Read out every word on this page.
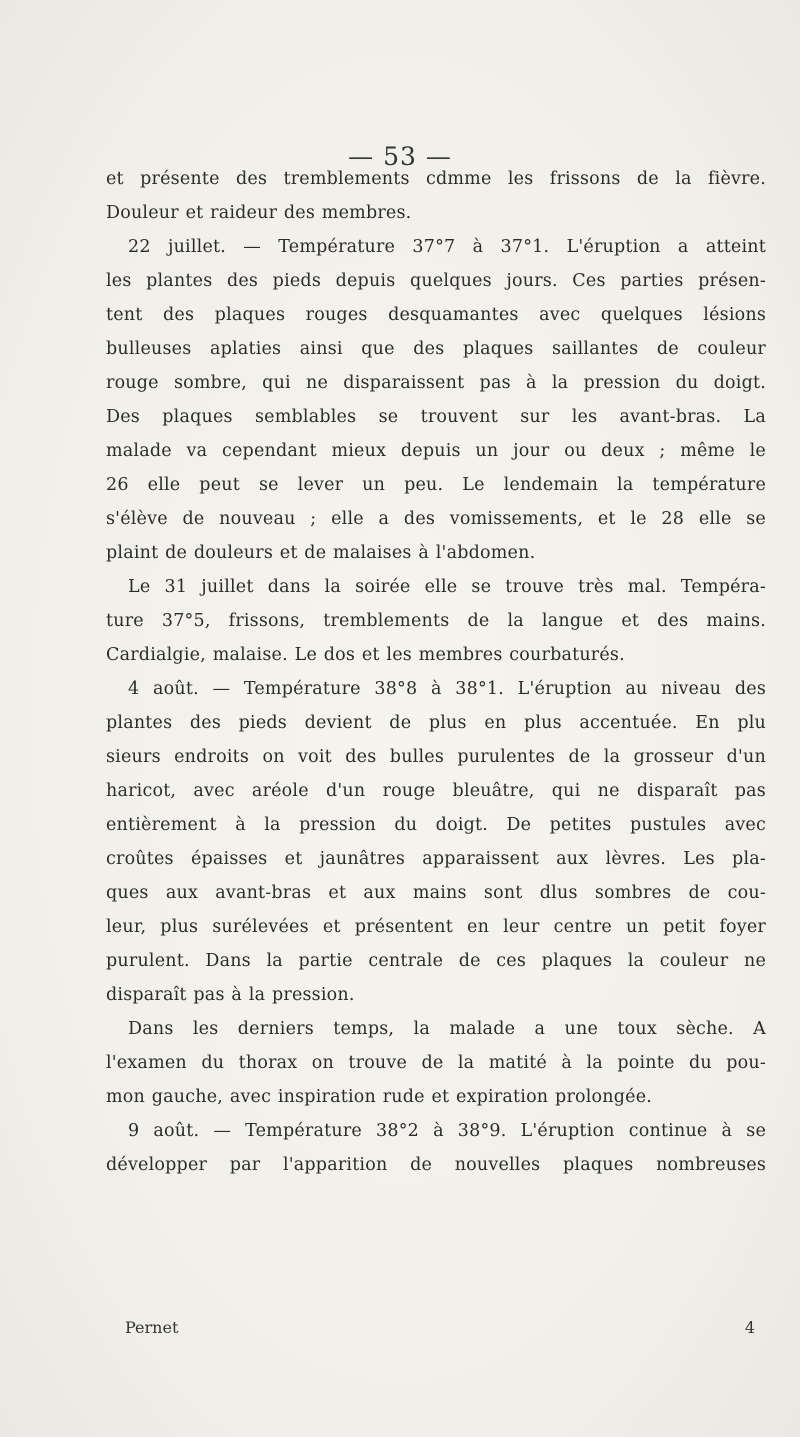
— 53 —
et présente des tremblements cdmme les frissons de la fièvre.
Douleur et raideur des membres.
22 juillet. — Température 37°7 à 37°1. L'éruption a atteint
les plantes des pieds depuis quelques jours. Ces parties présen-
tent des plaques rouges desquamantes avec quelques lésions
bulleuses aplaties ainsi que des plaques saillantes de couleur
rouge sombre, qui ne disparaissent pas à la pression du doigt.
Des plaques semblables se trouvent sur les avant-bras. La
malade va cependant mieux depuis un jour ou deux ; même le
26 elle peut se lever un peu. Le lendemain la température
s'élève de nouveau ; elle a des vomissements, et le 28 elle se
plaint de douleurs et de malaises à l'abdomen.
Le 31 juillet dans la soirée elle se trouve très mal. Tempéra-
ture 37°5, frissons, tremblements de la langue et des mains.
Cardialgie, malaise. Le dos et les membres courbaturés.
4 août. — Température 38°8 à 38°1. L'éruption au niveau des
plantes des pieds devient de plus en plus accentuée. En plu
sieurs endroits on voit des bulles purulentes de la grosseur d'un
haricot, avec aréole d'un rouge bleuâtre, qui ne disparaît pas
entièrement à la pression du doigt. De petites pustules avec
croûtes épaisses et jaunâtres apparaissent aux lèvres. Les pla-
ques aux avant-bras et aux mains sont dlus sombres de cou-
leur, plus surélevées et présentent en leur centre un petit foyer
purulent. Dans la partie centrale de ces plaques la couleur ne
disparaît pas à la pression.
Dans les derniers temps, la malade a une toux sèche. A
l'examen du thorax on trouve de la matité à la pointe du pou-
mon gauche, avec inspiration rude et expiration prolongée.
9 août. — Température 38°2 à 38°9. L'éruption continue à se
développer par l'apparition de nouvelles plaques nombreuses
Pernet	4
